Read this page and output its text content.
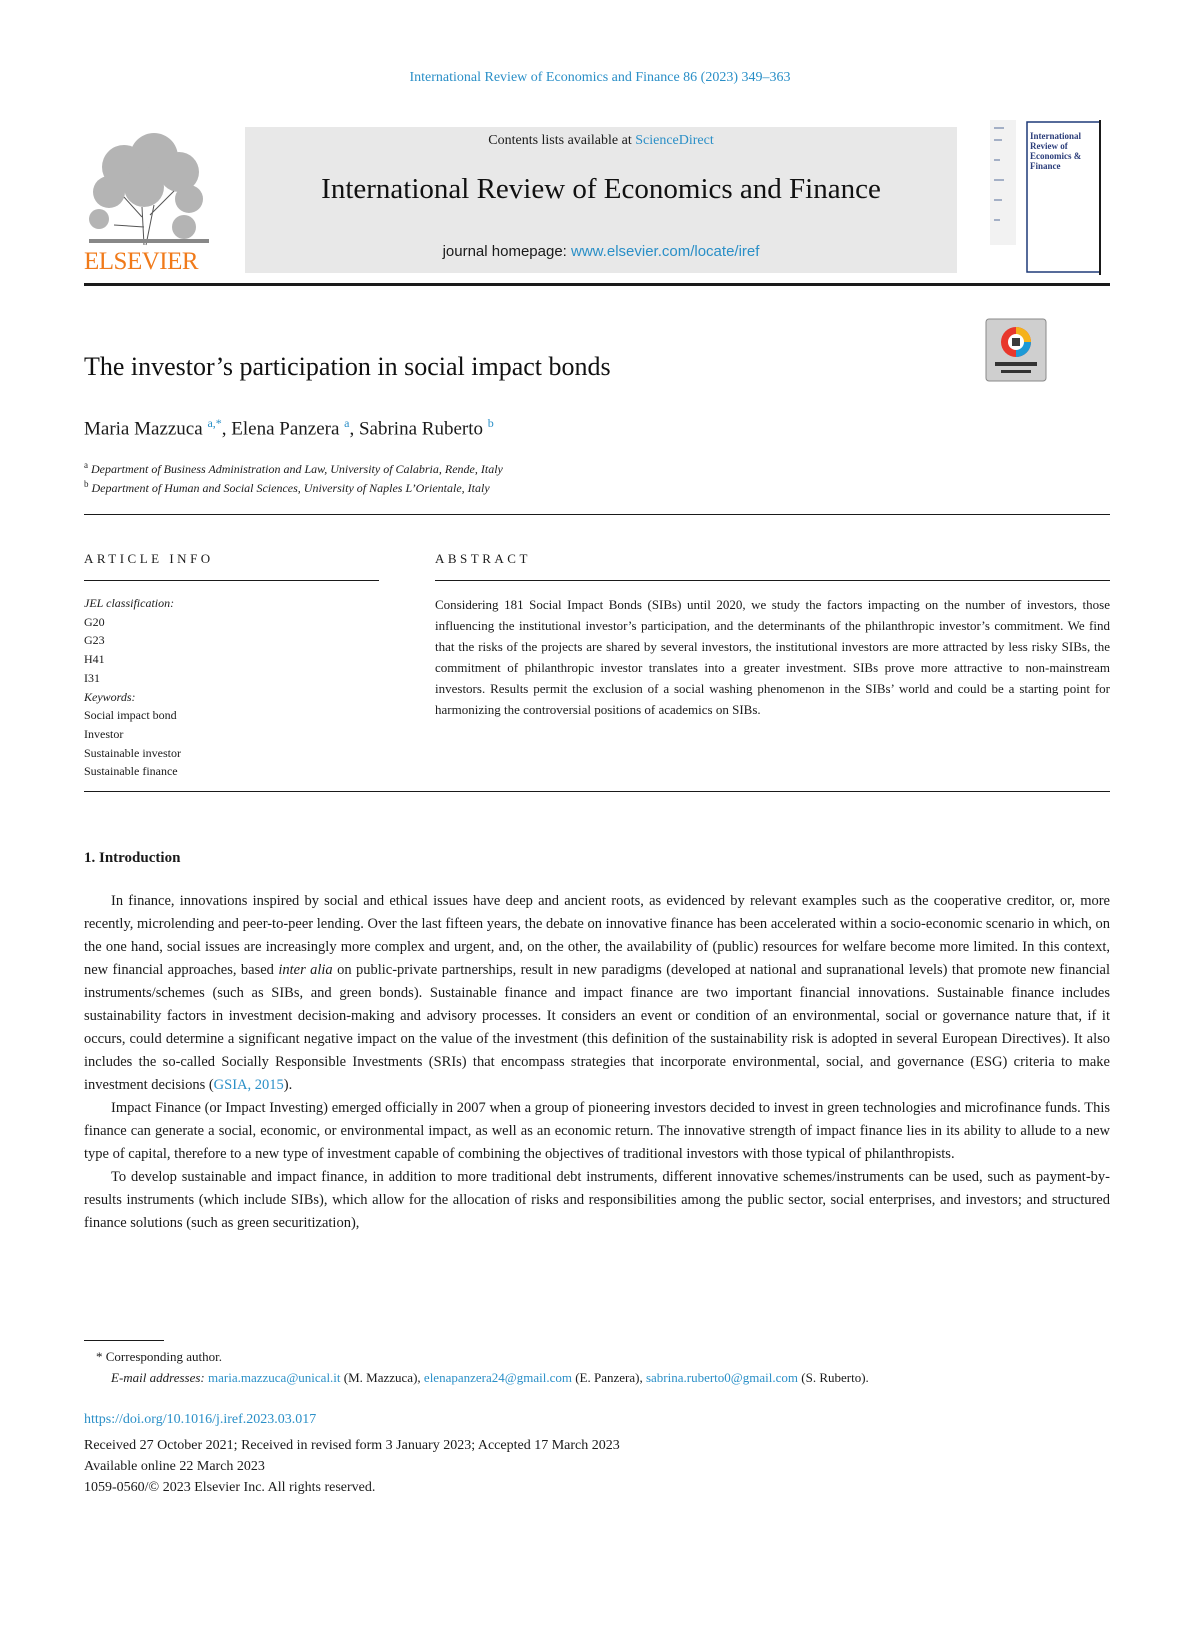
International Review of Economics and Finance 86 (2023) 349–363
ELSEVIER
Contents lists available at ScienceDirect
International Review of Economics and Finance
journal homepage: www.elsevier.com/locate/iref
International Review of Economics & Finance
The investor’s participation in social impact bonds
Maria Mazzuca $^{a,*}$, Elena Panzera $^a$, Sabrina Ruberto $^b$
$^a$ Department of Business Administration and Law, University of Calabria, Rende, Italy
$^b$ Department of Human and Social Sciences, University of Naples L’Orientale, Italy
ARTICLE INFO
JEL classification:
G20
G23
H41
I31
Keywords:
Social impact bond
Investor
Sustainable investor
Sustainable finance
ABSTRACT
Considering 181 Social Impact Bonds (SIBs) until 2020, we study the factors impacting on the number of investors, those influencing the institutional investor’s participation, and the determinants of the philanthropic investor’s commitment. We find that the risks of the projects are shared by several investors, the institutional investors are more attracted by less risky SIBs, the commitment of philanthropic investor translates into a greater investment. SIBs prove more attractive to non-mainstream investors. Results permit the exclusion of a social washing phenomenon in the SIBs’ world and could be a starting point for harmonizing the controversial positions of academics on SIBs.
1. Introduction

In finance, innovations inspired by social and ethical issues have deep and ancient roots, as evidenced by relevant examples such as the cooperative creditor, or, more recently, microlending and peer-to-peer lending. Over the last fifteen years, the debate on innovative finance has been accelerated within a socio-economic scenario in which, on the one hand, social issues are increasingly more complex and urgent, and, on the other, the availability of (public) resources for welfare become more limited. In this context, new financial approaches, based inter alia on public-private partnerships, result in new paradigms (developed at national and supranational levels) that promote new financial instruments/schemes (such as SIBs, and green bonds). Sustainable finance and impact finance are two important financial innovations. Sustainable finance includes sustainability factors in investment decision-making and advisory processes. It considers an event or condition of an environmental, social or governance nature that, if it occurs, could determine a significant negative impact on the value of the investment (this definition of the sustainability risk is adopted in several European Directives). It also includes the so-called Socially Responsible Investments (SRIs) that encompass strategies that incorporate environmental, social, and governance (ESG) criteria to make investment decisions (GSIA, 2015).

Impact Finance (or Impact Investing) emerged officially in 2007 when a group of pioneering investors decided to invest in green technologies and microfinance funds. This finance can generate a social, economic, or environmental impact, as well as an economic return. The innovative strength of impact finance lies in its ability to allude to a new type of capital, therefore to a new type of investment capable of combining the objectives of traditional investors with those typical of philanthropists.

To develop sustainable and impact finance, in addition to more traditional debt instruments, different innovative schemes/instruments can be used, such as payment-by-results instruments (which include SIBs), which allow for the allocation of risks and responsibilities among the public sector, social enterprises, and investors; and structured finance solutions (such as green securitization),

* Corresponding author.
E-mail addresses: maria.mazzuca@unical.it (M. Mazzuca), elenapanzera24@gmail.com (E. Panzera), sabrina.ruberto0@gmail.com (S. Ruberto).
https://doi.org/10.1016/j.iref.2023.03.017
Received 27 October 2021; Received in revised form 3 January 2023; Accepted 17 March 2023
Available online 22 March 2023
1059-0560/© 2023 Elsevier Inc. All rights reserved.
